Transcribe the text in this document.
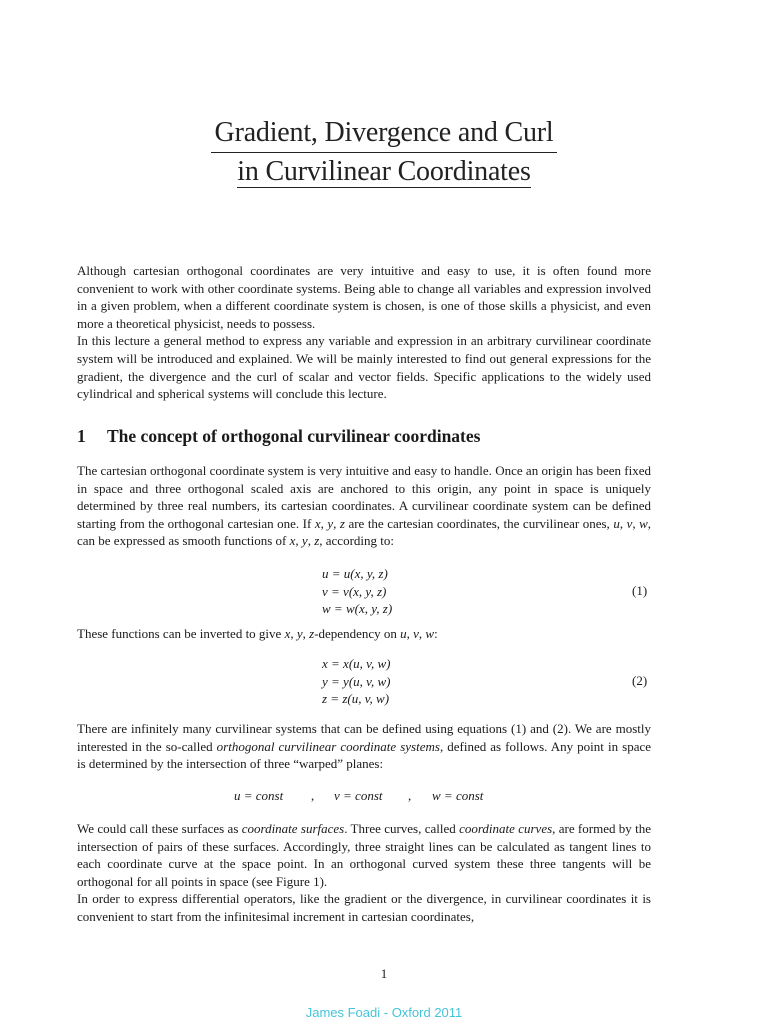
Gradient, Divergence and Curl
in Curvilinear Coordinates

Although cartesian orthogonal coordinates are very intuitive and easy to use, it is often found more convenient to work with other coordinate systems. Being able to change all variables and expression involved in a given problem, when a different coordinate system is chosen, is one of those skills a physicist, and even more a theoretical physicist, needs to possess.
In this lecture a general method to express any variable and expression in an arbitrary curvilinear coordinate system will be introduced and explained. We will be mainly interested to find out general expressions for the gradient, the divergence and the curl of scalar and vector fields. Specific applications to the widely used cylindrical and spherical systems will conclude this lecture.

1 The concept of orthogonal curvilinear coordinates

The cartesian orthogonal coordinate system is very intuitive and easy to handle. Once an origin has been fixed in space and three orthogonal scaled axis are anchored to this origin, any point in space is uniquely determined by three real numbers, its cartesian coordinates. A curvilinear coordinate system can be defined starting from the orthogonal cartesian one. If x, y, z are the cartesian coordinates, the curvilinear ones, u, v, w, can be expressed as smooth functions of x, y, z, according to:

u = u(x, y, z)
v = v(x, y, z)
w = w(x, y, z)
(1)

These functions can be inverted to give x, y, z-dependency on u, v, w:

x = x(u, v, w)
y = y(u, v, w)
z = z(u, v, w)
(2)

There are infinitely many curvilinear systems that can be defined using equations (1) and (2). We are mostly interested in the so-called orthogonal curvilinear coordinate systems, defined as follows. Any point in space is determined by the intersection of three “warped” planes:

u = const , v = const , w = const

We could call these surfaces as coordinate surfaces. Three curves, called coordinate curves, are formed by the intersection of pairs of these surfaces. Accordingly, three straight lines can be calculated as tangent lines to each coordinate curve at the space point. In an orthogonal curved system these three tangents will be orthogonal for all points in space (see Figure 1).
In order to express differential operators, like the gradient or the divergence, in curvilinear coordinates it is convenient to start from the infinitesimal increment in cartesian coordinates,

1
James Foadi - Oxford 2011
